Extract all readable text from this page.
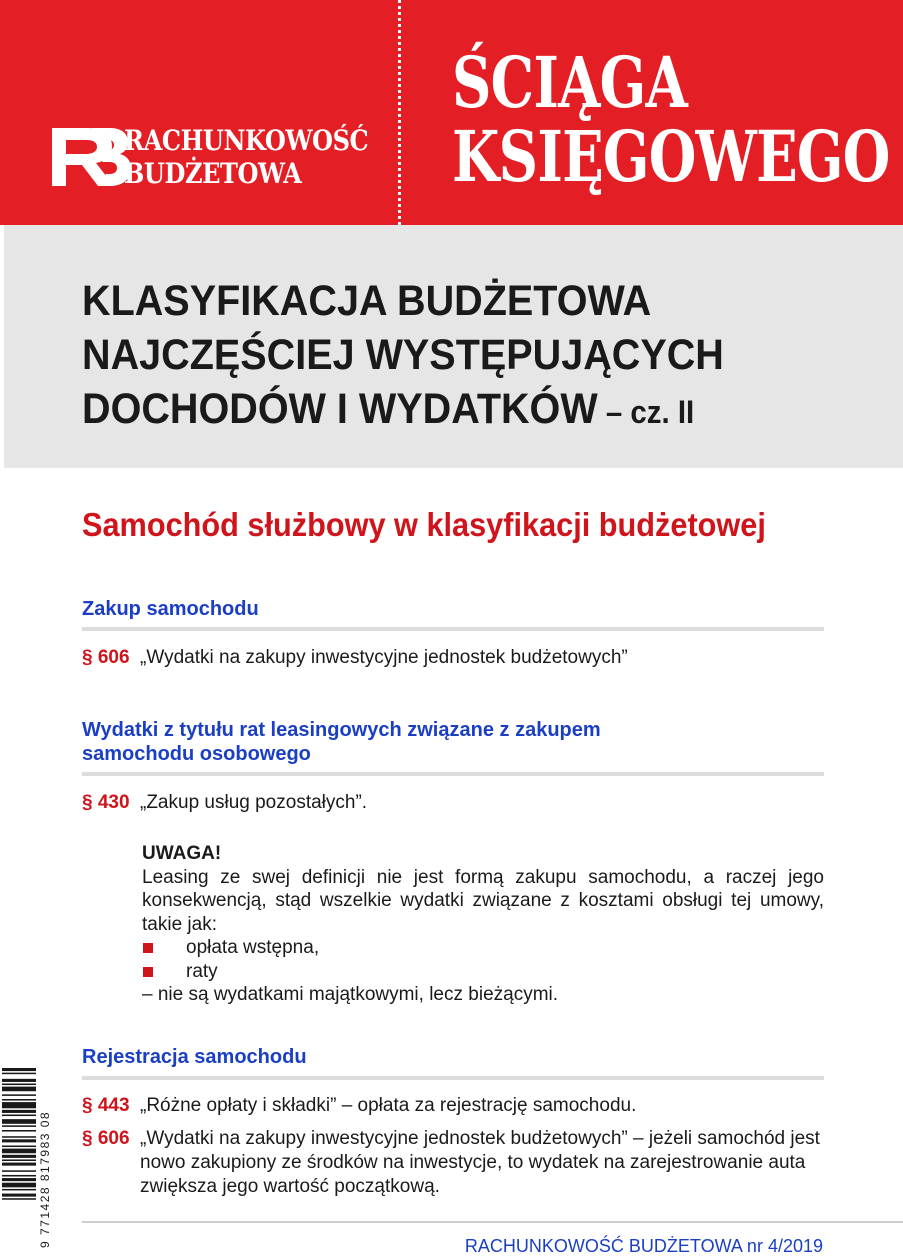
RACHUNKOWOŚĆ
BUDŻETOWA
ŚCIĄGA
KSIĘGOWEGO
KLASYFIKACJA BUDŻETOWA
NAJCZĘŚCIEJ WYSTĘPUJĄCYCH
DOCHODÓW I WYDATKÓW – cz. II
Samochód służbowy w klasyfikacji budżetowej
Zakup samochodu
§ 606 „Wydatki na zakupy inwestycyjne jednostek budżetowych”
Wydatki z tytułu rat leasingowych związane z zakupem
samochodu osobowego
§ 430 „Zakup usług pozostałych”.
UWAGA!
Leasing ze swej definicji nie jest formą zakupu samochodu, a raczej jego konsekwencją, stąd wszelkie wydatki związane z kosztami obsługi tej umowy, takie jak:
opłata wstępna,
raty
– nie są wydatkami majątkowymi, lecz bieżącymi.
Rejestracja samochodu
§ 443 „Różne opłaty i składki” – opłata za rejestrację samochodu.
§ 606 „Wydatki na zakupy inwestycyjne jednostek budżetowych” – jeżeli samochód jest nowo zakupiony ze środków na inwestycje, to wydatek na zarejestrowanie auta zwiększa jego wartość początkową.
9 771428 817983 08	RACHUNKOWOŚĆ BUDŻETOWA nr 4/2019
